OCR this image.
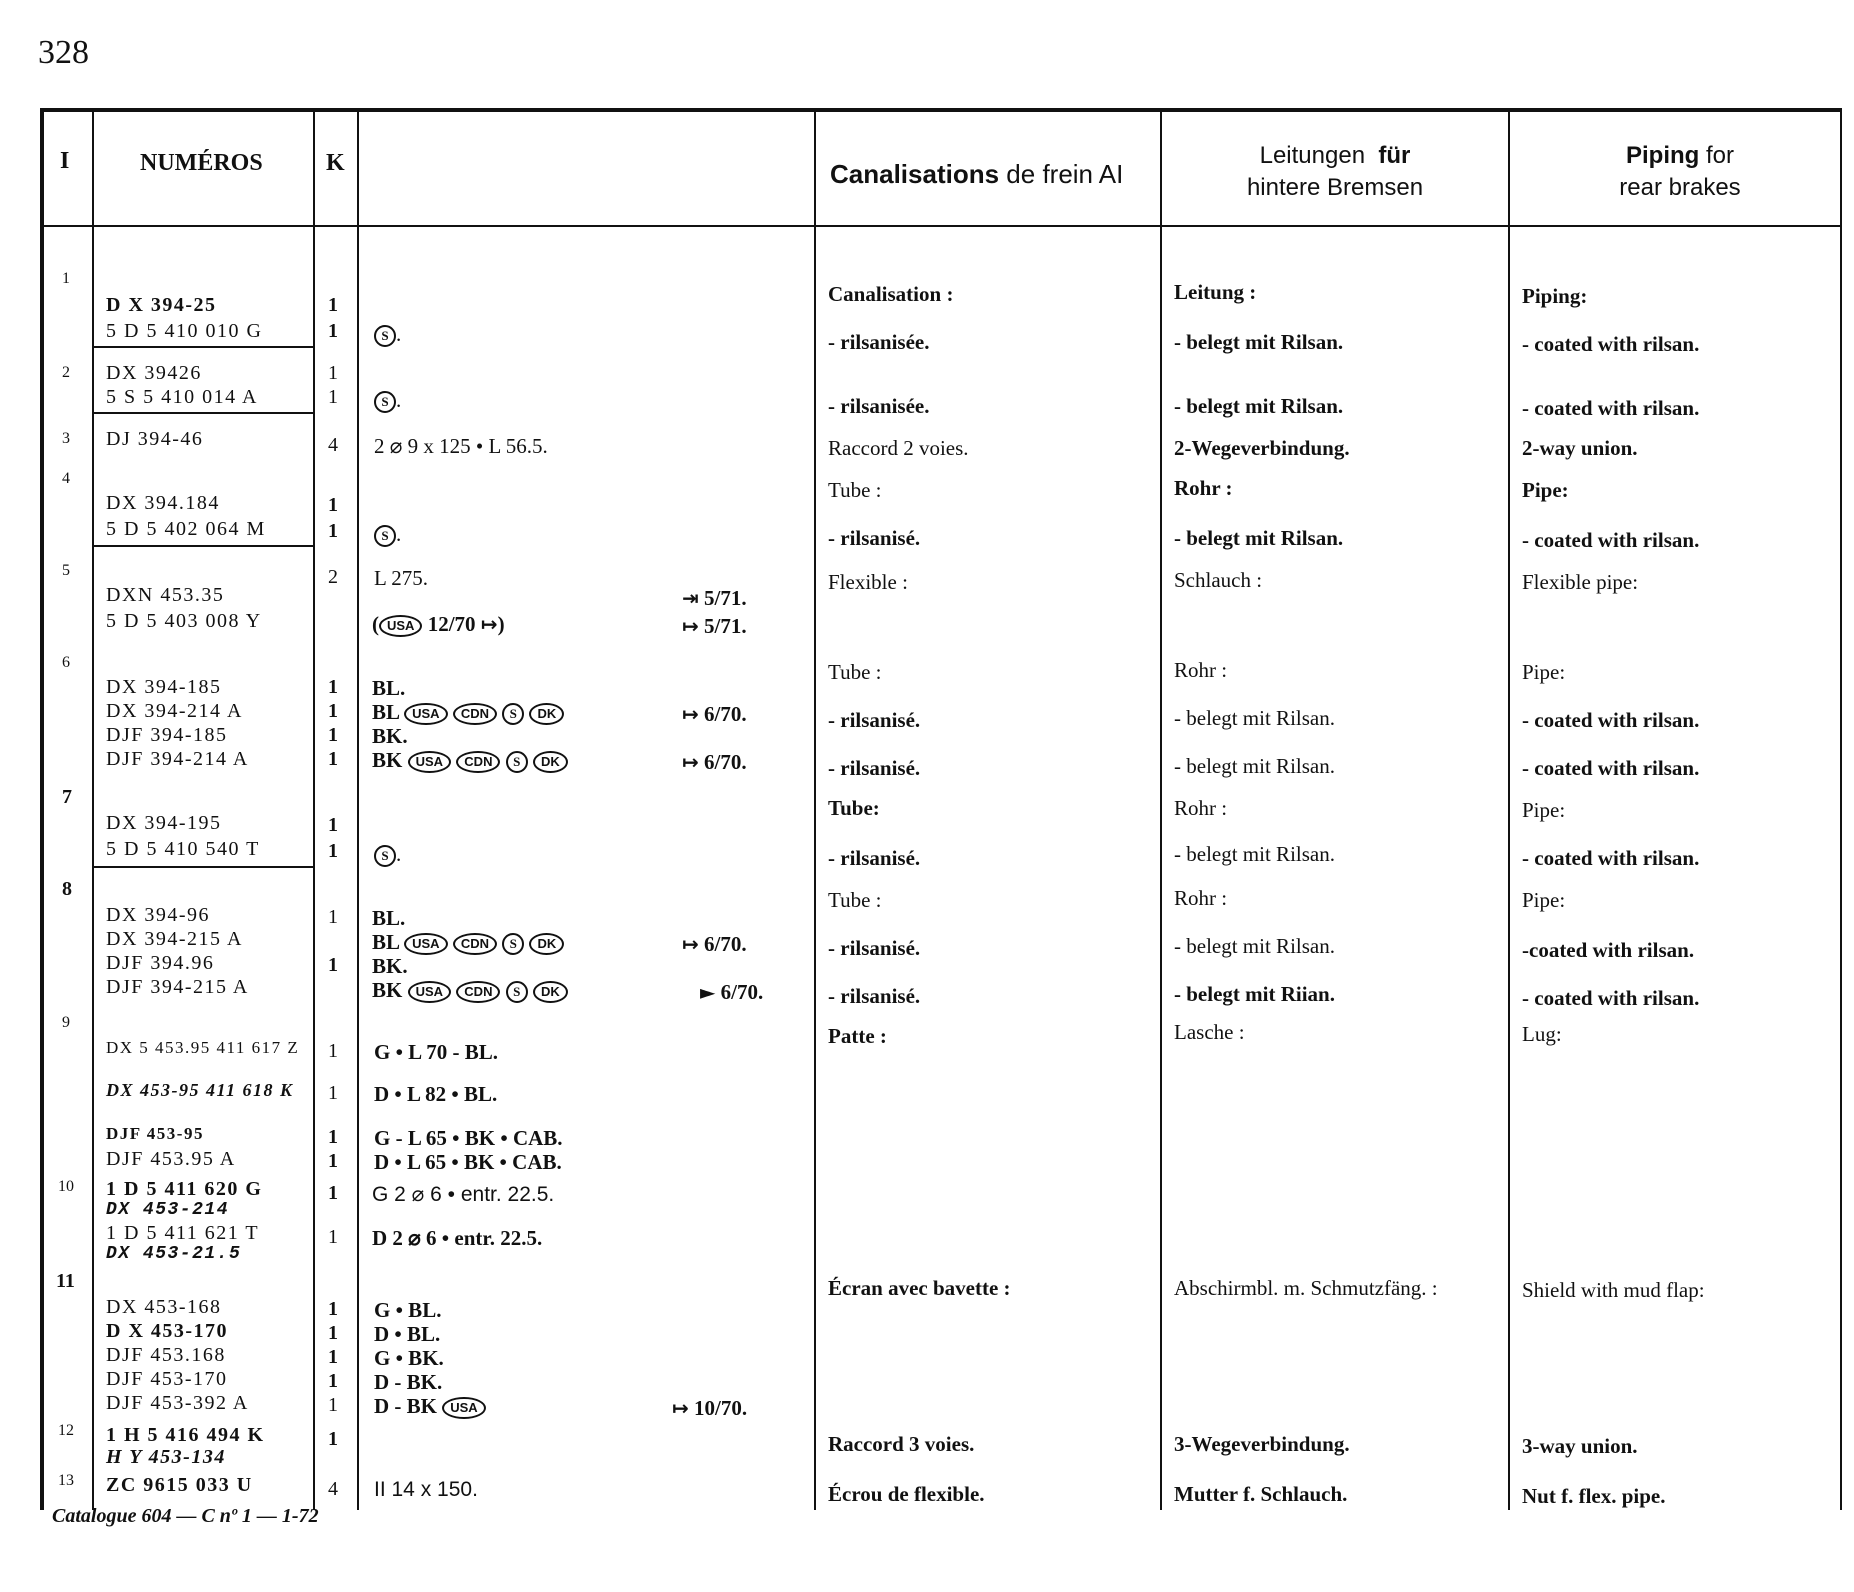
328
I	NUMÉROS	K	Canalisations de frein AI
Leitungen für
hintere Bremsen
Piping for
rear brakes
1
D X 394-25
5 D 5 410 010 G
1
1	S .
Canalisation :
- rilsanisée.
Leitung :
- belegt mit Rilsan.
Piping:
- coated with rilsan.
2 DX 39426
5 S 5 410 014 A
1
1	S .	- rilsanisée.	- belegt mit Rilsan.	- coated with rilsan.
3 DJ 394-46	4 2 ⌀ 9 x 125 • L 56.5.	Raccord 2 voies.	2-Wegeverbindung.	2-way union.
4
DX 394.184
5 D 5 402 064 M
1
1	S .
Tube :
- rilsanisé.
Rohr :
- belegt mit Rilsan.
Pipe:
- coated with rilsan.
5
DXN 453.35
5 D 5 403 008 Y
2 L 275.
( USA 12/70 ↦)
⇥ 5/71.
↦ 5/71.
Flexible :	Schlauch :	Flexible pipe:
6
DX 394-185
DX 394-214 A
DJF 394-185
DJF 394-214 A
1
1
1
1
BL.
BL USA CDN S DK
BK.
BK USA CDN S DK
↦ 6/70.
↦ 6/70.
Tube :
- rilsanisé.
- rilsanisé.
Rohr :
- belegt mit Rilsan.
- belegt mit Rilsan.
Pipe:
- coated with rilsan.
- coated with rilsan.
7
DX 394-195
5 D 5 410 540 T
1
1	S .
Tube:
- rilsanisé.
Rohr :
- belegt mit Rilsan.
Pipe:
- coated with rilsan.
8
DX 394-96
DX 394-215 A
DJF 394.96
DJF 394-215 A
1
1
BL.
BL USA CDN S DK
BK.
BK USA CDN S DK
↦ 6/70.
► 6/70.
Tube :
- rilsanisé.
- rilsanisé.
Rohr :
- belegt mit Rilsan.
- belegt mit Riian.
Pipe:
-coated with rilsan.
- coated with rilsan.
9
DX 5 453.95 411 617 Z
DX 453-95 411 618 K
DJF 453-95
DJF 453.95 A
1
1
1
1
G • L 70 - BL.
D • L 82 • BL.
G - L 65 • BK • CAB.
D • L 65 • BK • CAB.
Patte :	Lasche :	Lug:
10 1 D 5 411 620 G
DX 453-214
1 D 5 411 621 T
DX 453-21.5
1
1
G 2 ⌀ 6 • entr. 22.5.
D 2 ⌀ 6 • entr. 22.5.
11
DX 453-168
D X 453-170
DJF 453.168
DJF 453-170
DJF 453-392 A
1
1
1
1
1
G • BL.
D • BL.
G • BK.
D - BK.
D - BK USA	↦ 10/70.
Écran avec bavette :	Abschirmbl. m. Schmutzfäng. :	Shield with mud flap:
12 1 H 5 416 494 K
H Y 453-134
1	Raccord 3 voies.	3-Wegeverbindung.	3-way union.
13 ZC 9615 033 U	4 II 14 x 150.	Écrou de flexible.	Mutter f. Schlauch.	Nut f. flex. pipe.
Catalogue 604 — C nº 1 — 1-72
